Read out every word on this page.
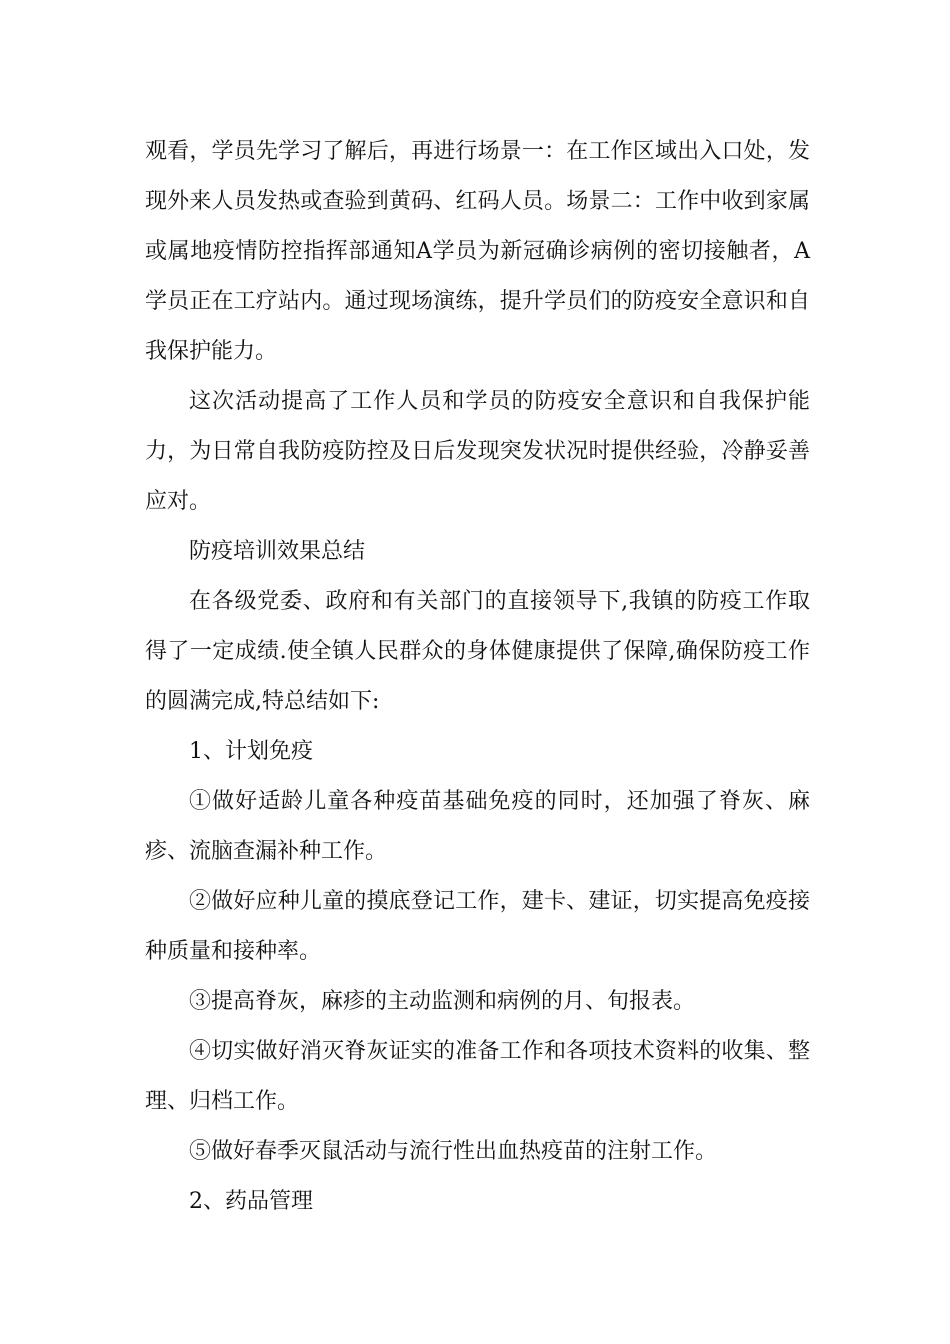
观看，学员先学习了解后，再进行场景一：在工作区域出入口处，发现外来人员发热或查验到黄码、红码人员。场景二：工作中收到家属或属地疫情防控指挥部通知A学员为新冠确诊病例的密切接触者，A学员正在工疗站内。通过现场演练，提升学员们的防疫安全意识和自我保护能力。

这次活动提高了工作人员和学员的防疫安全意识和自我保护能力，为日常自我防疫防控及日后发现突发状况时提供经验，冷静妥善应对。

防疫培训效果总结

在各级党委、政府和有关部门的直接领导下,我镇的防疫工作取得了一定成绩.使全镇人民群众的身体健康提供了保障,确保防疫工作的圆满完成,特总结如下:

1、计划免疫

①做好适龄儿童各种疫苗基础免疫的同时，还加强了脊灰、麻疹、流脑查漏补种工作。

②做好应种儿童的摸底登记工作，建卡、建证，切实提高免疫接种质量和接种率。

③提高脊灰，麻疹的主动监测和病例的月、旬报表。

④切实做好消灭脊灰证实的准备工作和各项技术资料的收集、整理、归档工作。

⑤做好春季灭鼠活动与流行性出血热疫苗的注射工作。

2、药品管理
